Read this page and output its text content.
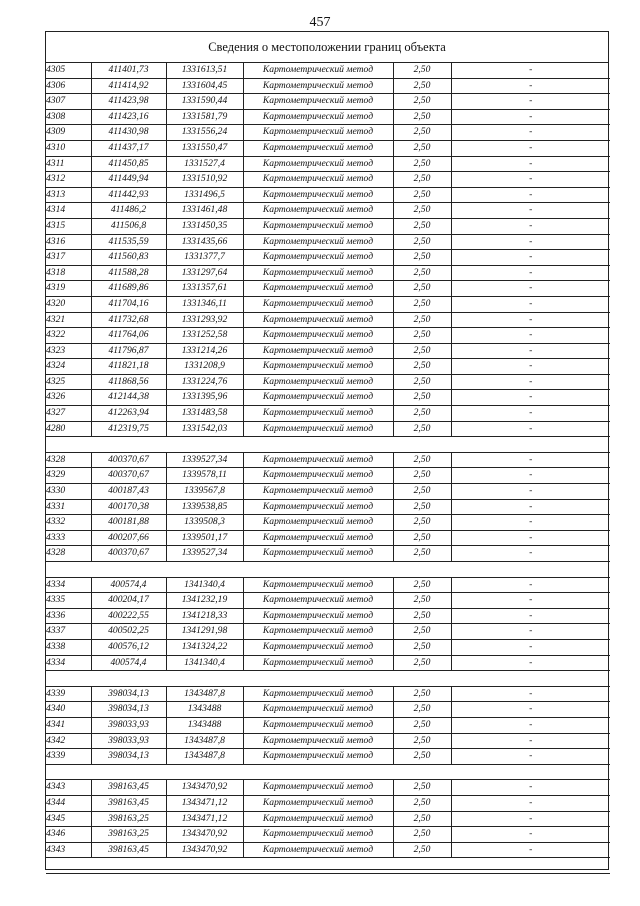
457
Сведения о местоположении границ объекта
4305	411401,73	1331613,51	Картометрический метод	2,50	-
4306	411414,92	1331604,45	Картометрический метод	2,50	-
4307	411423,98	1331590,44	Картометрический метод	2,50	-
4308	411423,16	1331581,79	Картометрический метод	2,50	-
4309	411430,98	1331556,24	Картометрический метод	2,50	-
4310	411437,17	1331550,47	Картометрический метод	2,50	-
4311	411450,85	1331527,4	Картометрический метод	2,50	-
4312	411449,94	1331510,92	Картометрический метод	2,50	-
4313	411442,93	1331496,5	Картометрический метод	2,50	-
4314	411486,2	1331461,48	Картометрический метод	2,50	-
4315	411506,8	1331450,35	Картометрический метод	2,50	-
4316	411535,59	1331435,66	Картометрический метод	2,50	-
4317	411560,83	1331377,7	Картометрический метод	2,50	-
4318	411588,28	1331297,64	Картометрический метод	2,50	-
4319	411689,86	1331357,61	Картометрический метод	2,50	-
4320	411704,16	1331346,11	Картометрический метод	2,50	-
4321	411732,68	1331293,92	Картометрический метод	2,50	-
4322	411764,06	1331252,58	Картометрический метод	2,50	-
4323	411796,87	1331214,26	Картометрический метод	2,50	-
4324	411821,18	1331208,9	Картометрический метод	2,50	-
4325	411868,56	1331224,76	Картометрический метод	2,50	-
4326	412144,38	1331395,96	Картометрический метод	2,50	-
4327	412263,94	1331483,58	Картометрический метод	2,50	-
4280	412319,75	1331542,03	Картометрический метод	2,50	-

4328	400370,67	1339527,34	Картометрический метод	2,50	-
4329	400370,67	1339578,11	Картометрический метод	2,50	-
4330	400187,43	1339567,8	Картометрический метод	2,50	-
4331	400170,38	1339538,85	Картометрический метод	2,50	-
4332	400181,88	1339508,3	Картометрический метод	2,50	-
4333	400207,66	1339501,17	Картометрический метод	2,50	-
4328	400370,67	1339527,34	Картометрический метод	2,50	-

4334	400574,4	1341340,4	Картометрический метод	2,50	-
4335	400204,17	1341232,19	Картометрический метод	2,50	-
4336	400222,55	1341218,33	Картометрический метод	2,50	-
4337	400502,25	1341291,98	Картометрический метод	2,50	-
4338	400576,12	1341324,22	Картометрический метод	2,50	-
4334	400574,4	1341340,4	Картометрический метод	2,50	-

4339	398034,13	1343487,8	Картометрический метод	2,50	-
4340	398034,13	1343488	Картометрический метод	2,50	-
4341	398033,93	1343488	Картометрический метод	2,50	-
4342	398033,93	1343487,8	Картометрический метод	2,50	-
4339	398034,13	1343487,8	Картометрический метод	2,50	-

4343	398163,45	1343470,92	Картометрический метод	2,50	-
4344	398163,45	1343471,12	Картометрический метод	2,50	-
4345	398163,25	1343471,12	Картометрический метод	2,50	-
4346	398163,25	1343470,92	Картометрический метод	2,50	-
4343	398163,45	1343470,92	Картометрический метод	2,50	-
